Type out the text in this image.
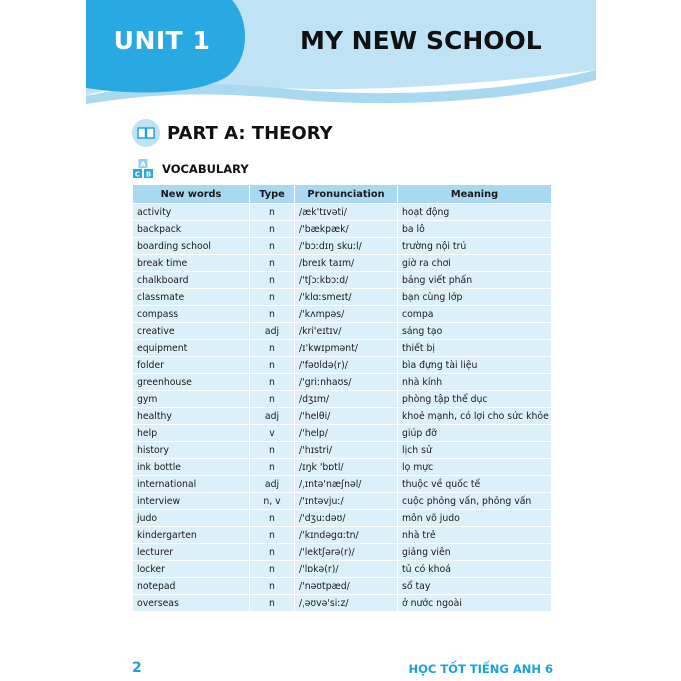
UNIT 1	MY NEW SCHOOL
PART A: THEORY
C
A
B VOCABULARY
New words	Type	Pronunciation	Meaning
activity	n	/æk'tɪvəti/	hoạt động
backpack	n	/'bækpæk/	ba lô
boarding school	n	/'bɔːdɪŋ skuːl/	trường nội trú
break time	n	/breɪk taɪm/	giờ ra chơi
chalkboard	n	/'tʃɔːkbɔːd/	bảng viết phấn
classmate	n	/'klɑːsmeɪt/	bạn cùng lớp
compass	n	/'kʌmpəs/	compa
creative	adj	/kri'eɪtɪv/	sáng tạo
equipment	n	/ɪ'kwɪpmənt/	thiết bị
folder	n	/'fəʊldə(r)/	bìa đựng tài liệu
greenhouse	n	/'griːnhaʊs/	nhà kính
gym	n	/dʒɪm/	phòng tập thể dục
healthy	adj	/'helθi/	khoẻ mạnh, có lợi cho sức khỏe
help	v	/'help/	giúp đỡ
history	n	/'hɪstri/	lịch sử
ink bottle	n	/ɪŋk 'bɒtl/	lọ mực
international	adj	/ˌɪntə'næʃnəl/	thuộc về quốc tế
interview	n, v	/'ɪntəvjuː/	cuộc phỏng vấn, phỏng vấn
judo	n	/'dʒuːdəʊ/	môn võ judo
kindergarten	n	/'kɪndəgɑːtn/	nhà trẻ
lecturer	n	/'lektʃərə(r)/	giảng viên
locker	n	/'lɒkə(r)/	tủ có khoá
notepad	n	/'nəʊtpæd/	sổ tay
overseas	n	/ˌəʊvə'siːz/	ở nước ngoài
2	HỌC TỐT TIẾNG ANH 6
